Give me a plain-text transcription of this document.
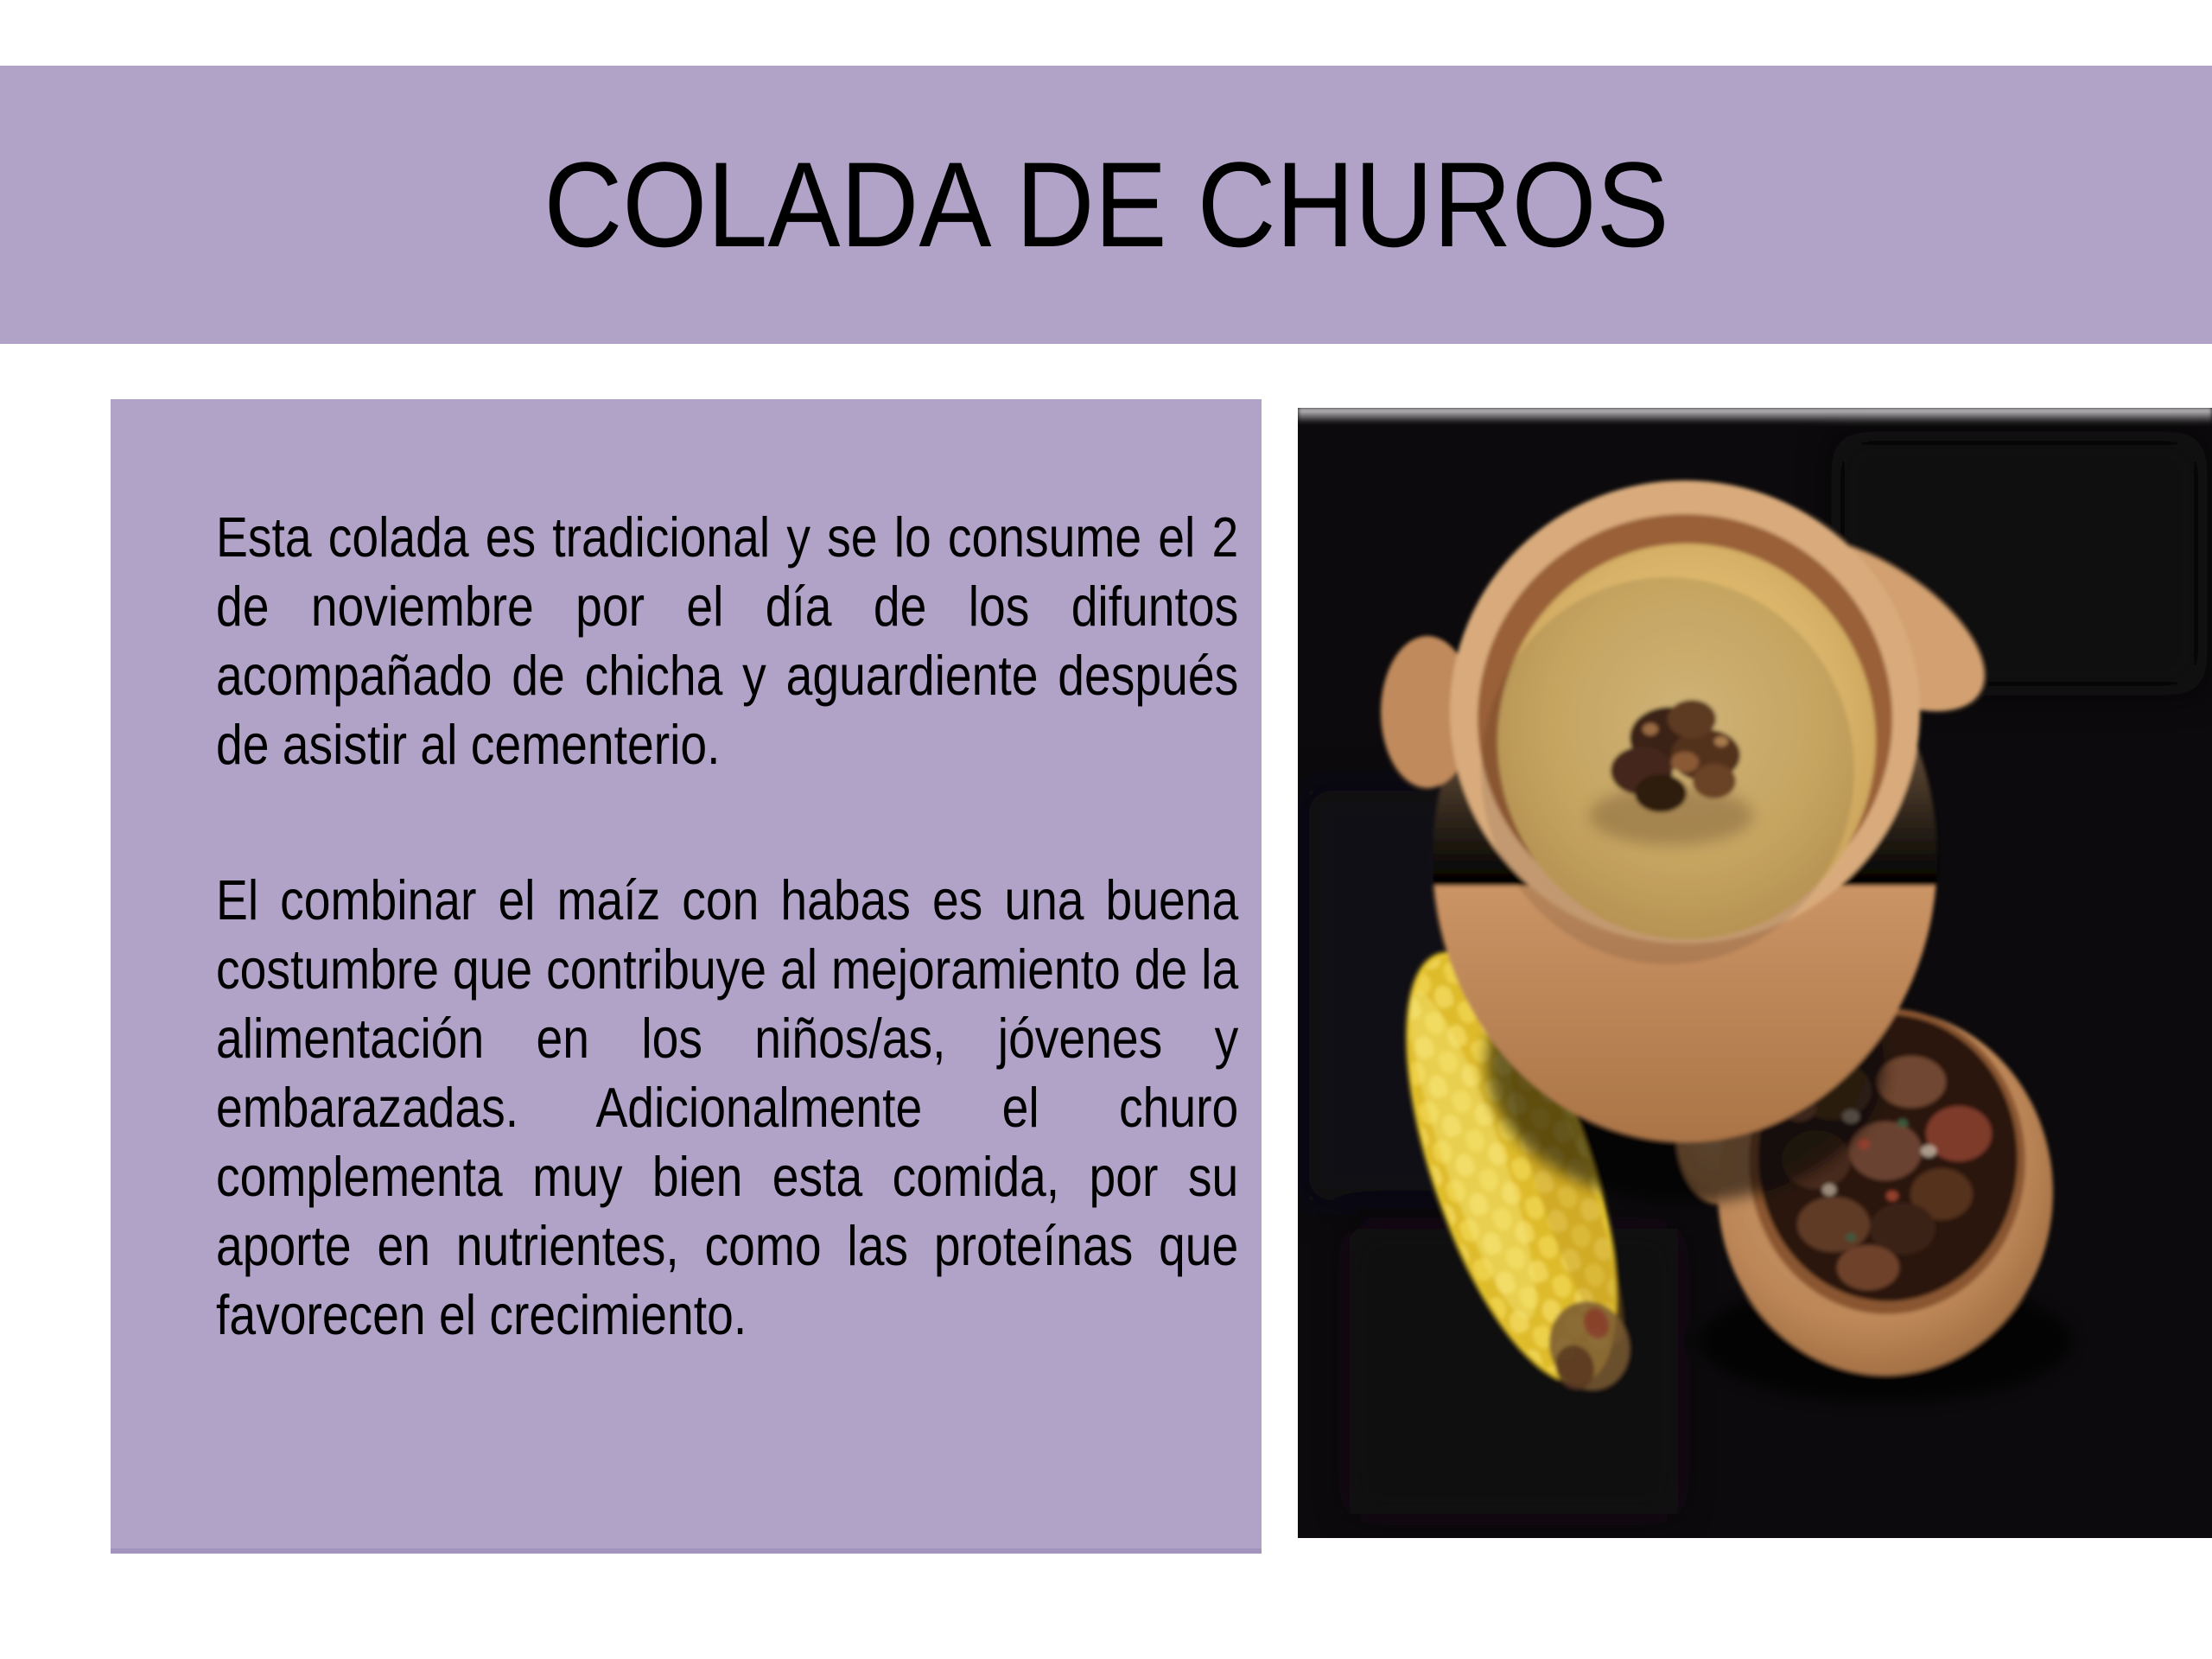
COLADA DE CHUROS

Esta colada es tradicional y se lo consume el 2 de noviembre por el día de los difuntos acompañado de chicha y aguardiente después de asistir al cementerio.

El combinar el maíz con habas es una buena costumbre que contribuye al mejoramiento de la alimentación en los niños/as, jóvenes y embarazadas. Adicionalmente el churo complementa muy bien esta comida, por su aporte en nutrientes, como las proteínas que favorecen el crecimiento.
